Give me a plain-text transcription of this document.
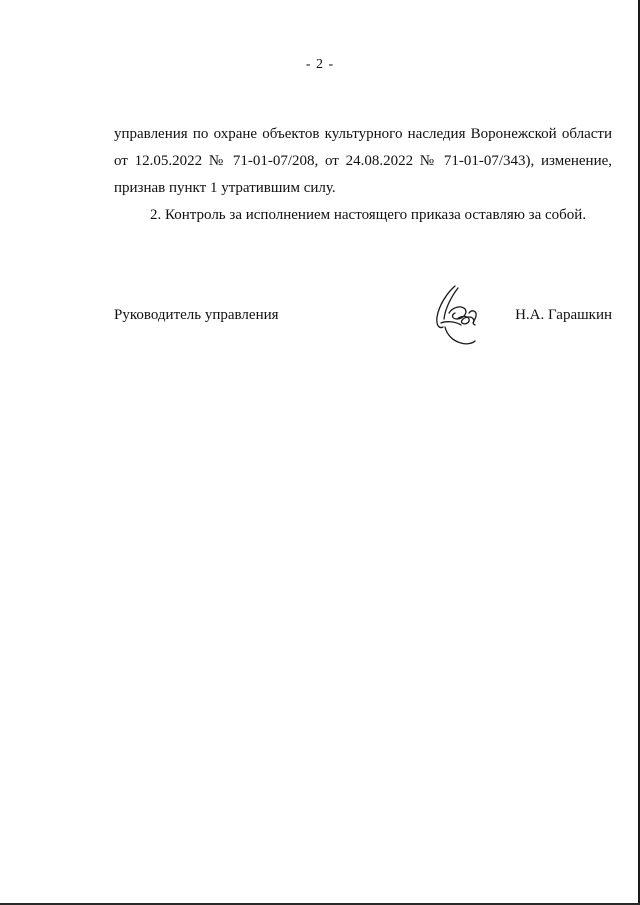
- 2 -
управления по охране объектов культурного наследия Воронежской области
от 12.05.2022 № 71-01-07/208, от 24.08.2022 № 71-01-07/343), изменение,
признав пункт 1 утратившим силу.
2. Контроль за исполнением настоящего приказа оставляю за собой.
Руководитель управления	Н.А. Гарашкин
